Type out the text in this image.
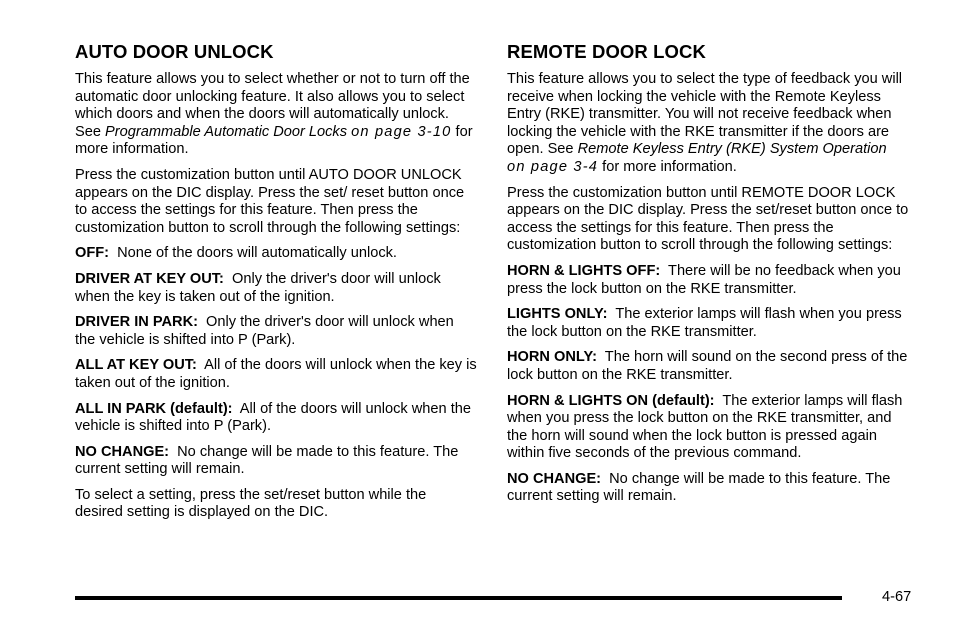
AUTO DOOR UNLOCK

This feature allows you to select whether or not to turn off the automatic door unlocking feature. It also allows you to select which doors and when the doors will automatically unlock. See Programmable Automatic Door Locks on page 3-10 for more information.

Press the customization button until AUTO DOOR UNLOCK appears on the DIC display. Press the set/ reset button once to access the settings for this feature. Then press the customization button to scroll through the following settings:

OFF: None of the doors will automatically unlock.

DRIVER AT KEY OUT: Only the driver's door will unlock when the key is taken out of the ignition.

DRIVER IN PARK: Only the driver's door will unlock when the vehicle is shifted into P (Park).

ALL AT KEY OUT: All of the doors will unlock when the key is taken out of the ignition.

ALL IN PARK (default): All of the doors will unlock when the vehicle is shifted into P (Park).

NO CHANGE: No change will be made to this feature. The current setting will remain.

To select a setting, press the set/reset button while the desired setting is displayed on the DIC.

REMOTE DOOR LOCK

This feature allows you to select the type of feedback you will receive when locking the vehicle with the Remote Keyless Entry (RKE) transmitter. You will not receive feedback when locking the vehicle with the RKE transmitter if the doors are open. See Remote Keyless Entry (RKE) System Operation on page 3-4 for more information.

Press the customization button until REMOTE DOOR LOCK appears on the DIC display. Press the set/reset button once to access the settings for this feature. Then press the customization button to scroll through the following settings:

HORN & LIGHTS OFF: There will be no feedback when you press the lock button on the RKE transmitter.

LIGHTS ONLY: The exterior lamps will flash when you press the lock button on the RKE transmitter.

HORN ONLY: The horn will sound on the second press of the lock button on the RKE transmitter.

HORN & LIGHTS ON (default): The exterior lamps will flash when you press the lock button on the RKE transmitter, and the horn will sound when the lock button is pressed again within five seconds of the previous command.

NO CHANGE: No change will be made to this feature. The current setting will remain.

4-67
